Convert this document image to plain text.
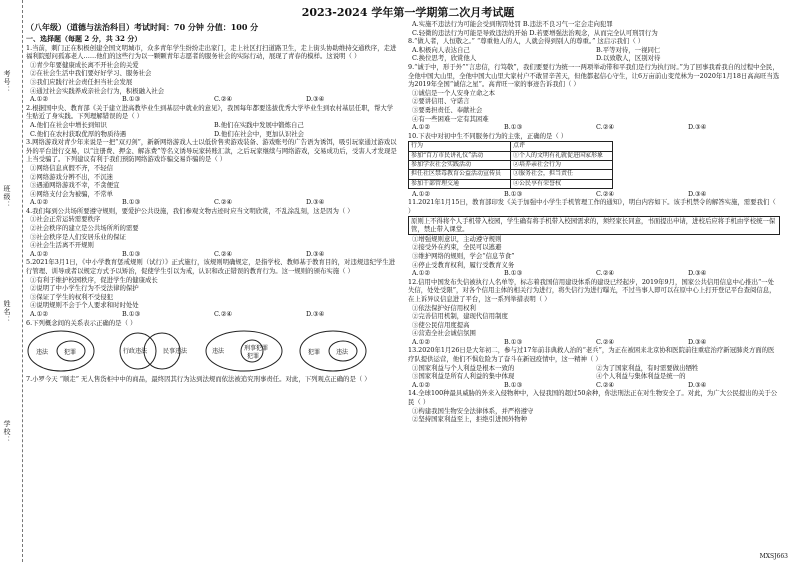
考号：
班级：
姓名：
学校：
2023-2024 学年第一学期第二次月考试题
（八年级）（道德与法治科目）考试时间：70 分钟 分值：100 分
一、选择题（每题 2 分，共 32 分）

1.当前，刺门正在积极创建全国文明城市，众多青年学生纷纷走出家门，走上社区打扫道路卫生，走上街头协助维持交通秩序，走进福利院慰问孤寡老人……他们的这些行为以一颗颗青年志愿者的服务社会的实际行动，展现了青春的模样。这说明（ ）

①青少年要健康成长离不开社会的关爱
②在社会生活中我们要好好学习、服务社会
③我们应践行社会责任担当社会发展
④通过社会实践养成亲社会行为，积极融入社会
A.①②	B.①③	C.②④	D.③④

2.根据国中央、教育部《关于建立进高教毕业生到基层中就业的意见》，我国每年都要选拔优秀大学毕业生到农村基层任职，帮大学生贴近了身实践。下列理解错误的是（ ）

A.他们在社会中增长到知识	B.他们在实践中发展中锻炼自己
C.他们在农村获取优厚的物质待遇	D.他们在社会中，更加认识社会

3.网络游戏对青少年来说是一把“双刃剑”，新新网络游戏人士以低价售卖游戏装备、游戏账号的广告语为诱饵，吸引玩家通过游戏以外的平台进行交易，以“注册费、押金、解冻费”等名义诱导玩家转账汇款，之后玩家继续与网络游戏，交易成功后，受害人才发现是上当受骗了。下列建议有利于我们预防网络游戏诈骗交易诈骗的是（ ）

①网络信息真假不齐，不轻信
②网络游戏分辨不出，不沉迷
③遇通网络游戏不幸，不贪便宜
④网络支付会为被骗，不常单
A.①②	B.①③	C.②④	D.③④

4.我们每到公共场所要遵守规则，要爱护公共设施，我们参观文物古迹时应当文明欣赏，不乱涂乱刻，这是因为（ ）

①社会正常运转需要秩序
②社会秩序的建立是公共场所所的需要
③社会秩序是人们安居乐业的保证
④社会生活离不开规则
A.①②	B.①③	C.②④	D.③④

5.2021年3月1日，《中小学教育惩戒规则（试行）》正式施行，该规则明确规定，是指学校、教师基于教育目的，对违规违纪学生进行管理、训导或者以规定方式予以矫治，促使学生引以为戒，认识和改正错误的教育行为。这一规则的颁布实施（ ）

①有利于维护校园秩序，促进学生的健康成长
②说明了中小学生行为不受法律的保护
③保证了学生的权利不受侵犯
④说明规则不会于个人要求和时时处处
A.①②	B.①③	C.②④	D.③④

6.下列概念间的关系表示正确的是（ ）

违法	犯罪	行政违法	民事违法	违法	刑事犯罪
犯罪
犯罪	违法

7.小罗今天 “顺走” 无人售货柜中中的商品，最终因其行为达到法规而依法被追究刑事责任。对此，下列观点正确的是（ ）

A.实施不违法行为可能会受到刑罚处罚 B.违法不良习气一定会走向犯罪
C.轻微的违法行为可能是导致违法的开始 D.若要增强法治观念，从而完全认可刑罚行为

8.“做人者，人恒敬之。” “尊重他人的人，人就会得到别人的尊重。” 这启示我们（ ）

A.积极向人表达自己	B.平等对待，一视同仁
C.换位思考，欣赏他人	D.以致敬人，区别对待

9.“诚于中，形于外”“言忠信，行笃敬”，我们要要行为统一一两项举动带和平我们是行为执行时。”为了回事我看我自的过程中全民，全他中国大山里，全他中国大山里大家村户不敢冒辛苦天，但他都起信心守生，让6万亩前山变荒林为一2020年1月18日高高旺当选为2019年全国“诚信之星”。高青旺一家的事迹告诉我们（ ）

①诚信是一个人安身立命之本
②要讲信用、守诺言
③要勇担责任、奉献社会
④有一些困难一定有其困难
A.①②	B.①③	C.②④	D.③④

10.下表中对初中生不同服务行为的主张，正确的是（ ）

行为	点评
参加“百万市民讲礼仪”活动	①个人的文明有礼就促进国家形象
参加学农社会实践活动	②培养亲社会行为
担任社区禁毒教育公益活动宣传员	③服务社会，担当责任
参加干部管理交通	④公民享有荣誉权
A.①②	B.①③	C.②④	D.③④

11.2021年1月15日，教育部印发《关于加强中小学生手机管理工作的通知》，明白内容如下。该手机禁令的解答实施，需要我们（ ）

原则上不得将个人手机带入校园，学生确有将手机带入校园需求的，须经家长同意，书面提出申请，进校后应将手机由学校统一保管，禁止带入课堂。
①增强规则意识，主动遵守规则
②接受外在约束，全民可以逃避
③维护网络的规则，学会“信息节食”
④停止受教育权利，履行受教育义务
A.①②	B.①③	C.②④	D.③④

12.信用中国发布失信被执行人名单等，标志着我国信用建设体系的建设已经起步，2019年9月，国家公共信用信息中心推出“一处失信，处处受限”，对各个信用主体的相关行为进行，将失信行为进行曝光，不过当事人即可以在原中心上打开登记平台查阅信息，在上诉异议信息进了平台，这一系列举措表明（ ）

①依法保护好信用权利
②完善信用机制，建现代信用制度
③使公民信用度提高
④营造全社会诚信氛围
A.①②	B.①③	C.②④	D.③④

13.2020年1月26日是大年初二，参与过17年前非典救人治的“老兵”，为正在被困来北京协和医院前往重症治疗新冠肺炎方面的医疗队提供运营，他们不惧危险为了奋斗在新冠疫情中，这一精神（ ）

①国家利益与个人利益是根本一致的	②为了国家利益，有时需要做出牺牲
③国家利益是所有人利益的集中体现	④个人利益与集体利益是统一的
A.①②	B.①③	C.②④	D.③④

14.全球100种最具威胁的外来入侵物种中，入侵我国的超过50余种，你法刑法正在对生物安全了。对此，为广大公民提出的关于公民（ ）

①构建我国生物安全法律体系，并严格遵守
②坚持国家利益至上，拒绝引进国外物种
MXSJ663
